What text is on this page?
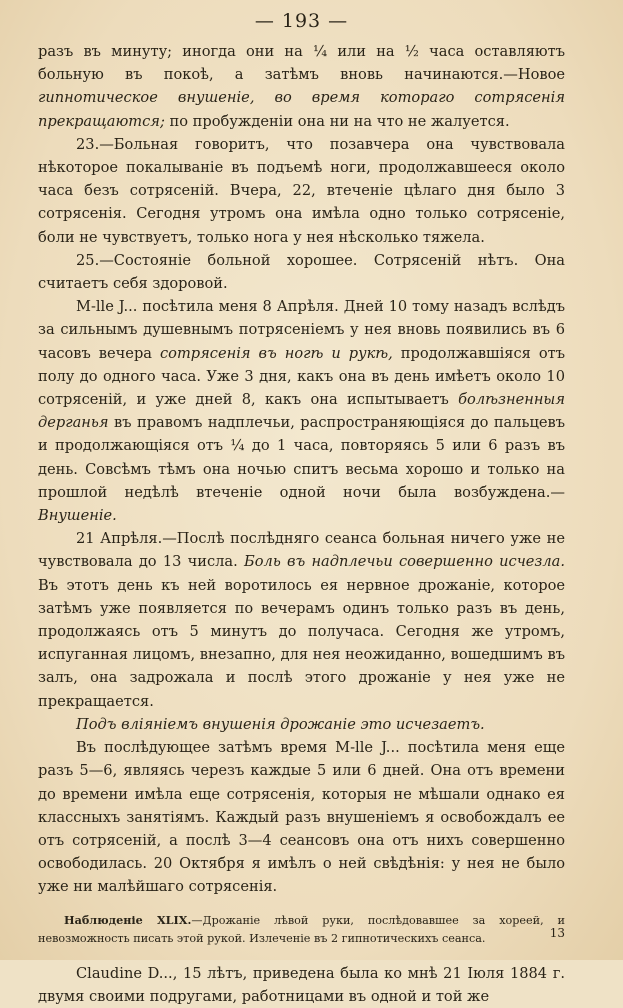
— 193 —

разъ въ минуту; иногда они на ¼ или на ½ часа оставляютъ больную въ покоѣ, а затѣмъ вновь начинаются.—Новое гипнотическое внушеніе, во время котораго сотрясенія прекращаются; по пробужденіи она ни на что не жалуется.

23.—Больная говоритъ, что позавчера она чувствовала нѣкоторое покалываніе въ подъемѣ ноги, продолжавшееся около часа безъ сотрясеній. Вчера, 22, втеченіе цѣлаго дня было 3 сотрясенія. Сегодня утромъ она имѣла одно только сотрясеніе, боли не чувствуетъ, только нога у нея нѣсколько тяжела.

25.—Состояніе больной хорошее. Сотрясеній нѣтъ. Она считаетъ себя здоровой.

M-lle J... посѣтила меня 8 Апрѣля. Дней 10 тому назадъ вслѣдъ за сильнымъ душевнымъ потрясеніемъ у нея вновь появились въ 6 часовъ вечера сотрясенія въ ногѣ и рукѣ, продолжавшіяся отъ полу до одного часа. Уже 3 дня, какъ она въ день имѣетъ около 10 сотрясеній, и уже дней 8, какъ она испытываетъ болѣзненныя дерганья въ правомъ надплечьи, распространяющіяся до пальцевъ и продолжающіяся отъ ¼ до 1 часа, повторяясь 5 или 6 разъ въ день. Совсѣмъ тѣмъ она ночью спитъ весьма хорошо и только на прошлой недѣлѣ втеченіе одной ночи была возбуждена.—Внушеніе.

21 Апрѣля.—Послѣ послѣдняго сеанса больная ничего уже не чувствовала до 13 числа. Боль въ надплечьи совершенно исчезла. Въ этотъ день къ ней воротилось ея нервное дрожаніе, которое затѣмъ уже появляется по вечерамъ одинъ только разъ въ день, продолжаясь отъ 5 минутъ до получаса. Сегодня же утромъ, испуганная лицомъ, внезапно, для нея неожиданно, вошедшимъ въ залъ, она задрожала и послѣ этого дрожаніе у нея уже не прекращается.

Подъ вліяніемъ внушенія дрожаніе это исчезаетъ.

Въ послѣдующее затѣмъ время M-lle J... посѣтила меня еще разъ 5—6, являясь черезъ каждые 5 или 6 дней. Она отъ времени до времени имѣла еще сотрясенія, которыя не мѣшали однако ея классныхъ занятіямъ. Каждый разъ внушеніемъ я освобождалъ ее отъ сотрясеній, а послѣ 3—4 сеансовъ она отъ нихъ совершенно освободилась. 20 Октября я имѣлъ о ней свѣдѣнія: у нея не было уже ни малѣйшаго сотрясенія.

Наблюденіе XLIX.—Дрожаніе лѣвой руки, послѣдовавшее за хореей, и невозможность писать этой рукой. Излеченіе въ 2 гипнотическихъ сеанса.

Claudine D..., 15 лѣтъ, приведена была ко мнѣ 21 Іюля 1884 г. двумя своими подругами, работницами въ одной и той же

13
